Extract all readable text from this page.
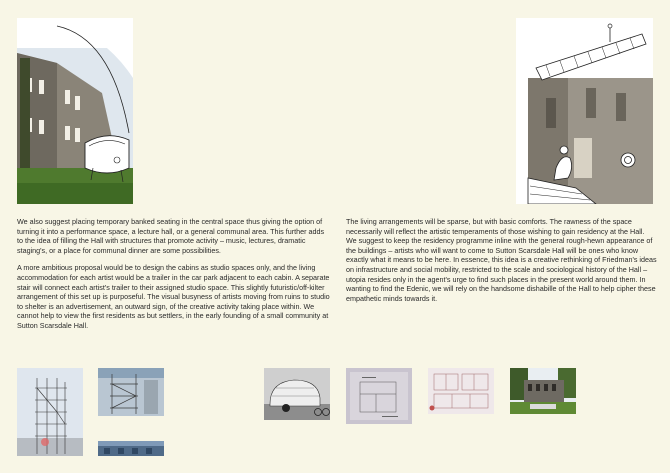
We also suggest placing temporary banked seating in the central space thus giving the option of turning it into a performance space, a lecture hall, or a general communal area. This further adds to the idea of filling the Hall with structures that promote activity – music, lectures, dramatic staging's, or a place for communal dinner are some possibilities.

A more ambitious proposal would be to design the cabins as studio spaces only, and the living accommodation for each artist would be a trailer in the car park adjacent to each cabin. A separate stair will connect each artist's trailer to their assigned studio space. This slightly futuristic/off-kilter arrangement of this set up is purposeful. The visual busyness of artists moving from ruins to studio to shelter is an advertisement, an outward sign, of the creative activity taking place within. We cannot help to view the first residents as but settlers, in the early founding of a small community at Sutton Scarsdale Hall.

The living arrangements will be sparse, but with basic comforts. The rawness of the space necessarily will reflect the artistic temperaments of those wishing to gain residency at the Hall. We suggest to keep the residency programme inline with the general rough-hewn appearance of the buildings – artists who will want to come to Sutton Scarsdale Hall will be ones who know exactly what it means to be here. In essence, this idea is a creative rethinking of Friedman's ideas on infrastructure and social mobility, restricted to the scale and sociological history of the Hall – utopia resides only in the agent's urge to find such places in the present world around them. In wanting to find the Edenic, we will rely on the handsome dishabille of the Hall to help cipher these empathetic minds towards it.
